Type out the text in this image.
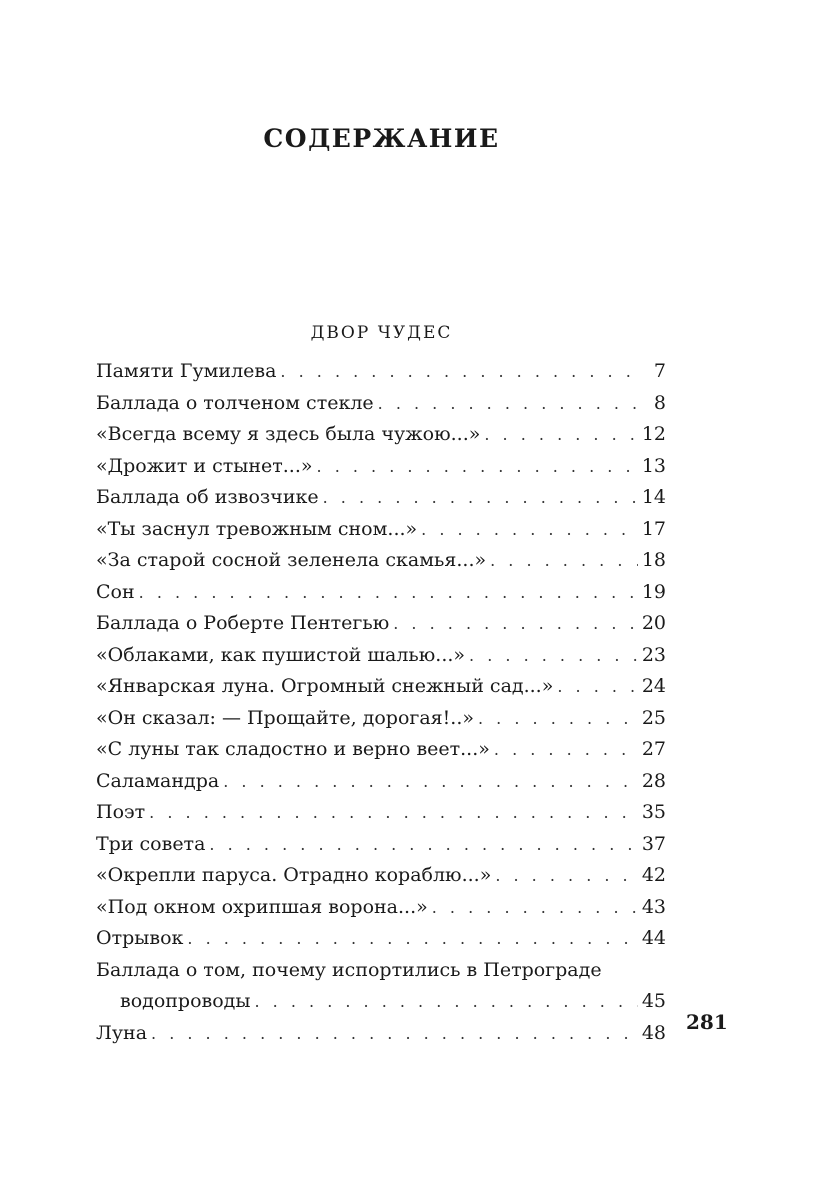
СОДЕРЖАНИЕ
ДВОР ЧУДЕС
Памяти Гумилева . . .	7
Баллада о толченом стекле . . .	8
«Всегда всему я здесь была чужою...» . . .	12
«Дрожит и стынет...» . . .	13
Баллада об извозчике . . .	14
«Ты заснул тревожным сном...» . . .	17
«За старой сосной зеленела скамья...» . . .	18
Сон . . .	19
Баллада о Роберте Пентегью . . .	20
«Облаками, как пушистой шалью...» . . .	23
«Январская луна. Огромный снежный сад...» . . .	24
«Он сказал: — Прощайте, дорогая!..» . . .	25
«С луны так сладостно и верно веет...» . . .	27
Саламандра . . .	28
Поэт . . .	35
Три совета . . .	37
«Окрепли паруса. Отрадно кораблю...» . . .	42
«Под окном охрипшая ворона...» . . .	43
Отрывок . . .	44
Баллада о том, почему испортились в Петрограде
водопроводы . . .	45
Луна . . .	48 281
